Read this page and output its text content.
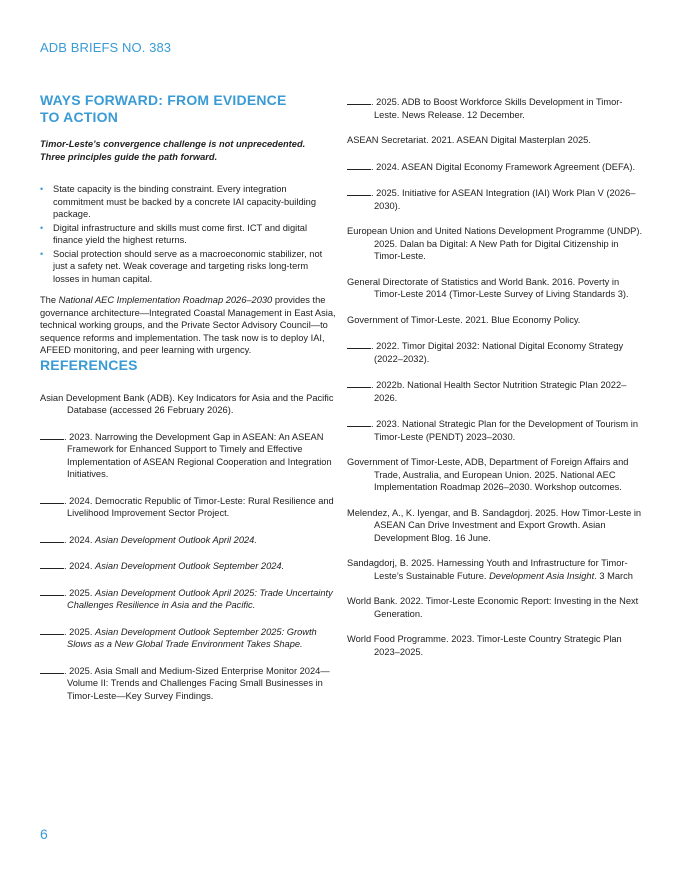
ADB BRIEFS NO. 383
WAYS FORWARD: FROM EVIDENCE
TO ACTION

Timor-Leste’s convergence challenge is not unprecedented.
Three principles guide the path forward.

• State capacity is the binding constraint. Every integration commitment must be backed by a concrete IAI capacity-building package.
• Digital infrastructure and skills must come first. ICT and digital finance yield the highest returns.
• Social protection should serve as a macroeconomic stabilizer, not just a safety net. Weak coverage and targeting risks long-term losses in human capital.

The National AEC Implementation Roadmap 2026–2030 provides the governance architecture—Integrated Coastal Management in East Asia, technical working groups, and the Private Sector Advisory Council—to sequence reforms and implementation. The task now is to deploy IAI, AFEED monitoring, and peer learning with urgency.

REFERENCES

Asian Development Bank (ADB). Key Indicators for Asia and the Pacific Database (accessed 26 February 2026).

. 2023. Narrowing the Development Gap in ASEAN: An ASEAN Framework for Enhanced Support to Timely and Effective Implementation of ASEAN Regional Cooperation and Integration Initiatives.

. 2024. Democratic Republic of Timor-Leste: Rural Resilience and Livelihood Improvement Sector Project.

. 2024. Asian Development Outlook April 2024.

. 2024. Asian Development Outlook September 2024.

. 2025. Asian Development Outlook April 2025: Trade Uncertainty Challenges Resilience in Asia and the Pacific.

. 2025. Asian Development Outlook September 2025: Growth Slows as a New Global Trade Environment Takes Shape.

. 2025. Asia Small and Medium-Sized Enterprise Monitor 2024—Volume II: Trends and Challenges Facing Small Businesses in Timor-Leste—Key Survey Findings.

. 2025. ADB to Boost Workforce Skills Development in Timor-Leste. News Release. 12 December.

ASEAN Secretariat. 2021. ASEAN Digital Masterplan 2025.

. 2024. ASEAN Digital Economy Framework Agreement (DEFA).

. 2025. Initiative for ASEAN Integration (IAI) Work Plan V (2026–2030).

European Union and United Nations Development Programme (UNDP). 2025. Dalan ba Digital: A New Path for Digital Citizenship in Timor-Leste.

General Directorate of Statistics and World Bank. 2016. Poverty in Timor-Leste 2014 (Timor-Leste Survey of Living Standards 3).

Government of Timor-Leste. 2021. Blue Economy Policy.

. 2022. Timor Digital 2032: National Digital Economy Strategy (2022–2032).

. 2022b. National Health Sector Nutrition Strategic Plan 2022–2026.

. 2023. National Strategic Plan for the Development of Tourism in Timor-Leste (PENDT) 2023–2030.

Government of Timor-Leste, ADB, Department of Foreign Affairs and Trade, Australia, and European Union. 2025. National AEC Implementation Roadmap 2026–2030. Workshop outcomes.

Melendez, A., K. Iyengar, and B. Sandagdorj. 2025. How Timor-Leste in ASEAN Can Drive Investment and Export Growth. Asian Development Blog. 16 June.

Sandagdorj, B. 2025. Harnessing Youth and Infrastructure for Timor-Leste’s Sustainable Future. Development Asia Insight. 3 March

World Bank. 2022. Timor-Leste Economic Report: Investing in the Next Generation.

World Food Programme. 2023. Timor-Leste Country Strategic Plan 2023–2025.

6
